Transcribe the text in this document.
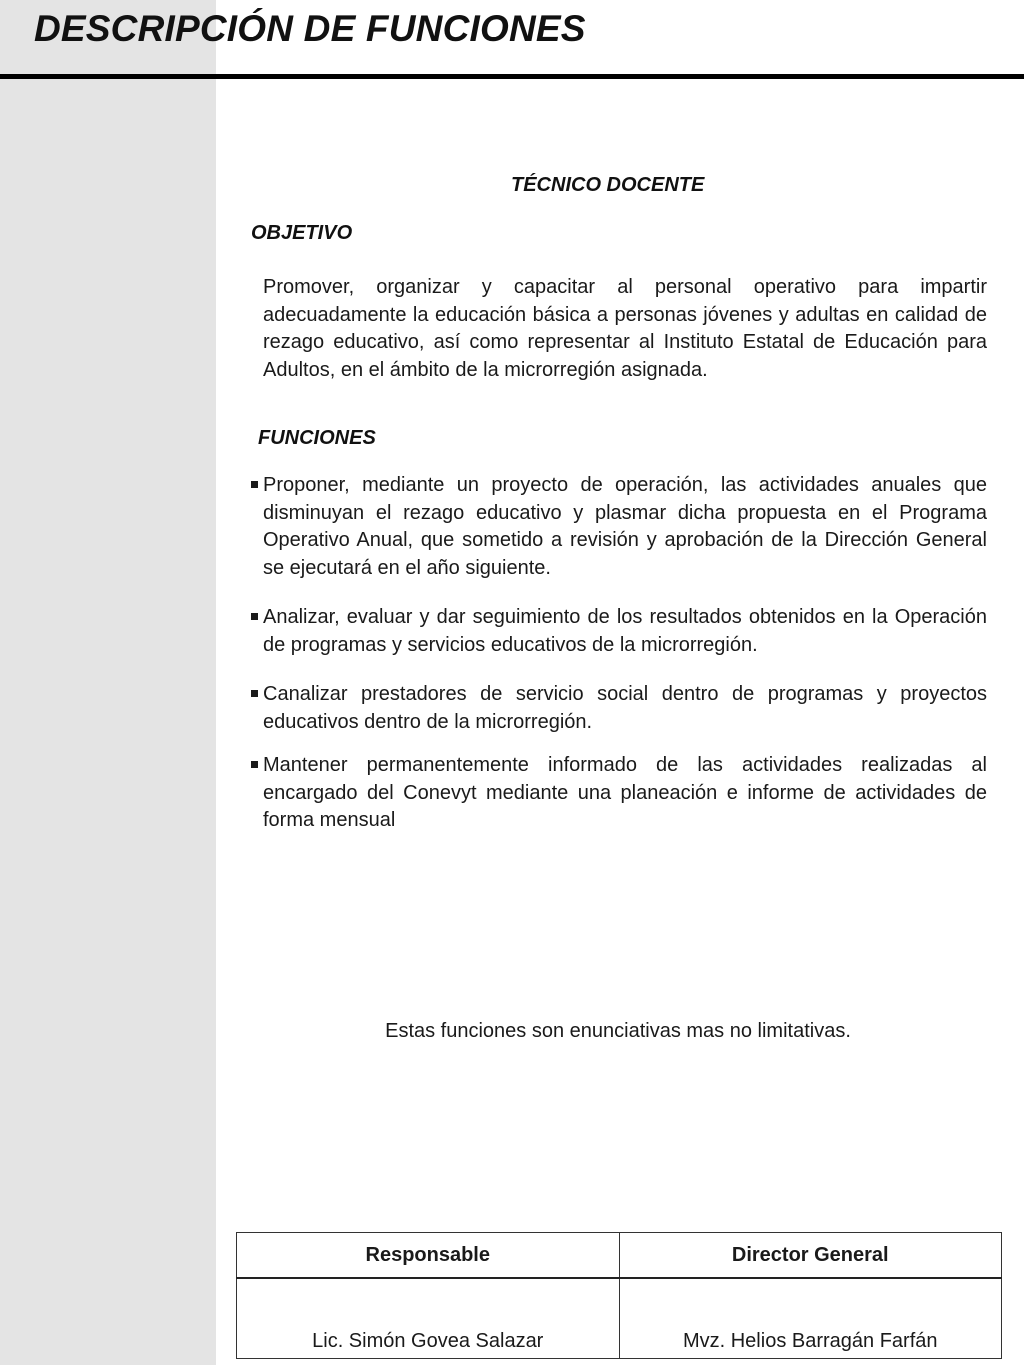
DESCRIPCIÓN DE FUNCIONES
TÉCNICO DOCENTE
OBJETIVO
Promover, organizar y capacitar al personal operativo para impartir adecuadamente la educación básica a personas jóvenes y adultas en calidad de rezago educativo, así como representar al Instituto Estatal de Educación para Adultos, en el ámbito de la microrregión asignada.
FUNCIONES
Proponer, mediante un proyecto de operación, las actividades anuales que disminuyan el rezago educativo y plasmar dicha propuesta en el Programa Operativo Anual, que sometido a revisión y aprobación de la Dirección General se ejecutará en el año siguiente.
Analizar, evaluar y dar seguimiento de los resultados obtenidos en la Operación de programas y servicios educativos de la microrregión.
Canalizar prestadores de servicio social dentro de programas y proyectos educativos dentro de la microrregión.
Mantener permanentemente informado de las actividades realizadas al encargado del Conevyt mediante una planeación e informe de actividades de forma mensual
Estas funciones son enunciativas mas no limitativas.
Responsable	Director General
Lic. Simón Govea Salazar	Mvz. Helios Barragán Farfán
